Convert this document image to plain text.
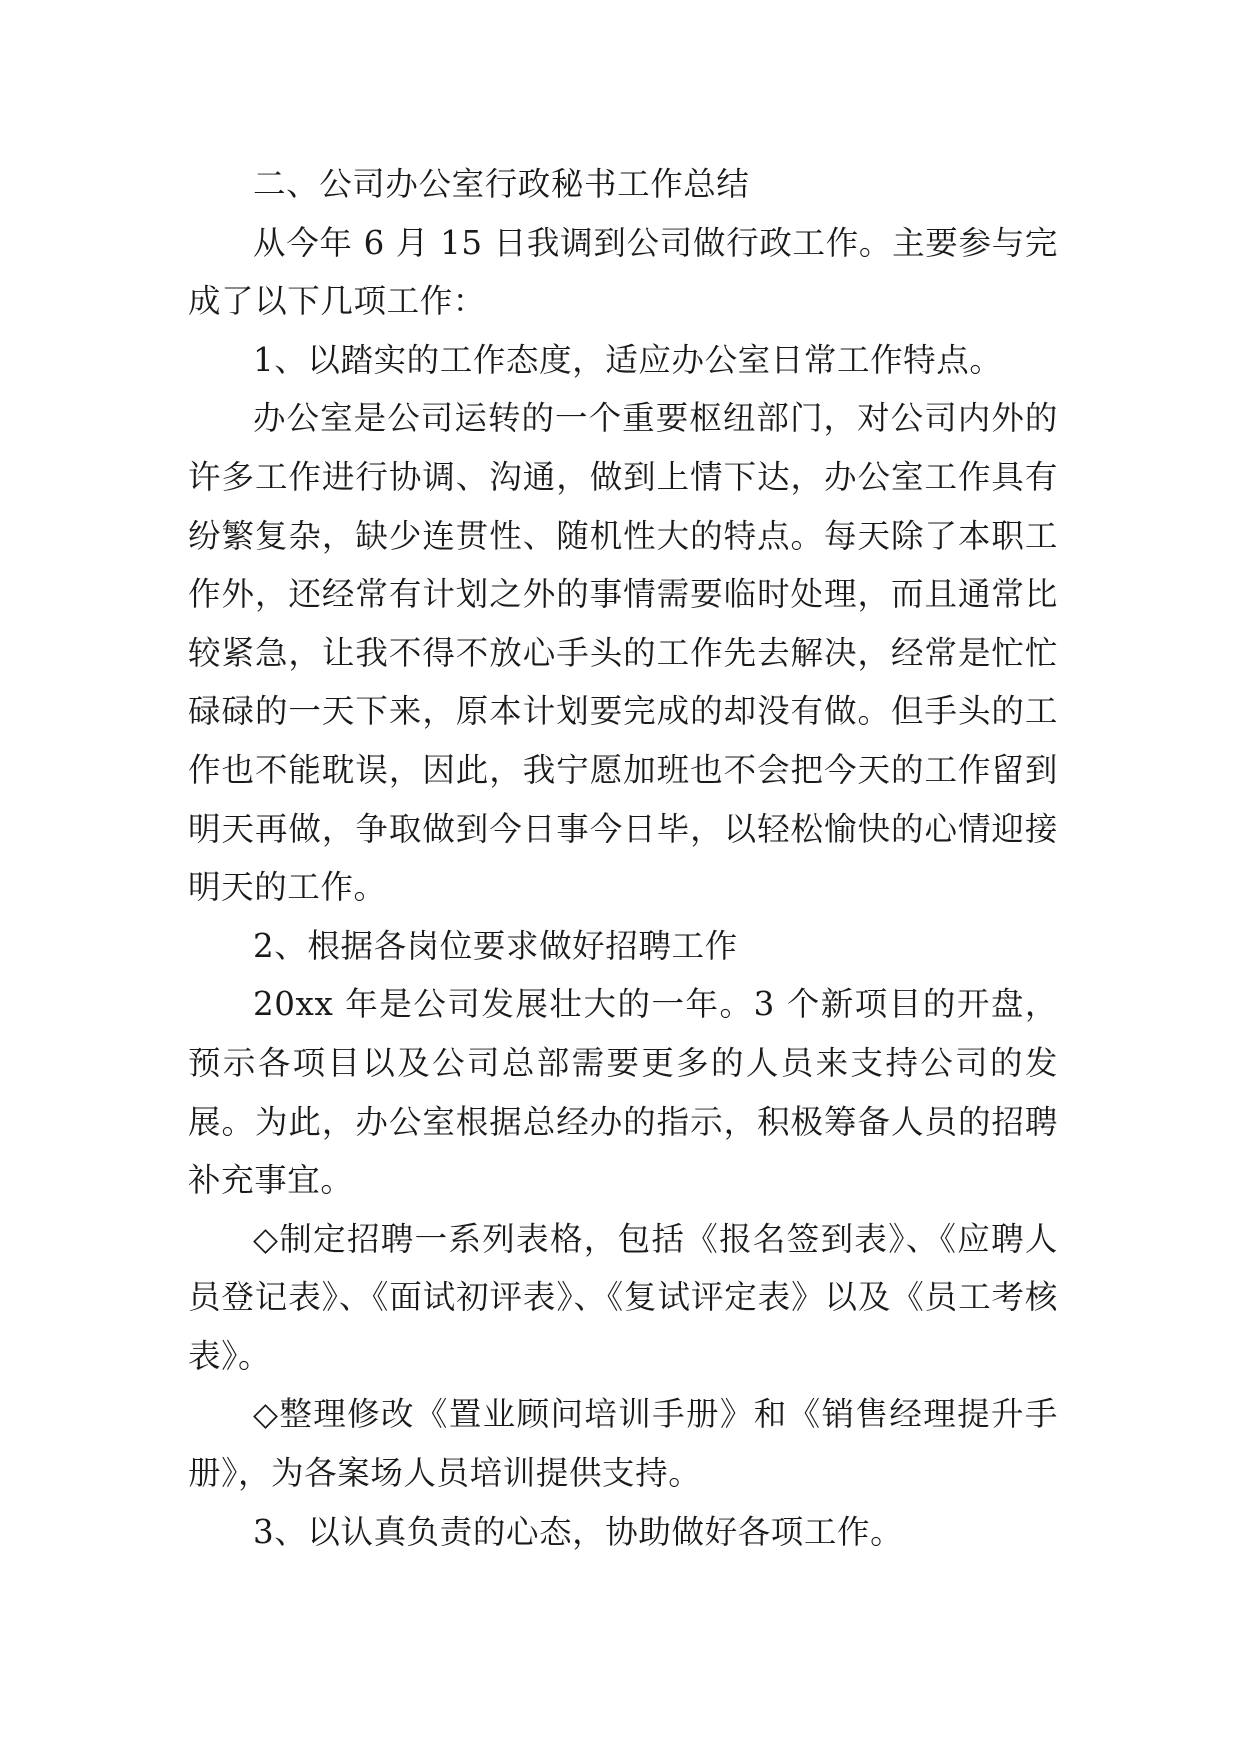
二、公司办公室行政秘书工作总结

从今年 6 月 15 日我调到公司做行政工作。主要参与完成了以下几项工作：

1、以踏实的工作态度，适应办公室日常工作特点。

办公室是公司运转的一个重要枢纽部门，对公司内外的许多工作进行协调、沟通，做到上情下达，办公室工作具有纷繁复杂，缺少连贯性、随机性大的特点。每天除了本职工作外，还经常有计划之外的事情需要临时处理，而且通常比较紧急，让我不得不放心手头的工作先去解决，经常是忙忙碌碌的一天下来，原本计划要完成的却没有做。但手头的工作也不能耽误，因此，我宁愿加班也不会把今天的工作留到明天再做，争取做到今日事今日毕，以轻松愉快的心情迎接明天的工作。

2、根据各岗位要求做好招聘工作

20xx 年是公司发展壮大的一年。3 个新项目的开盘，预示各项目以及公司总部需要更多的人员来支持公司的发展。为此，办公室根据总经办的指示，积极筹备人员的招聘补充事宜。

◇制定招聘一系列表格，包括《报名签到表》、《应聘人员登记表》、《面试初评表》、《复试评定表》以及《员工考核表》。

◇整理修改《置业顾问培训手册》和《销售经理提升手册》，为各案场人员培训提供支持。

3、以认真负责的心态，协助做好各项工作。
